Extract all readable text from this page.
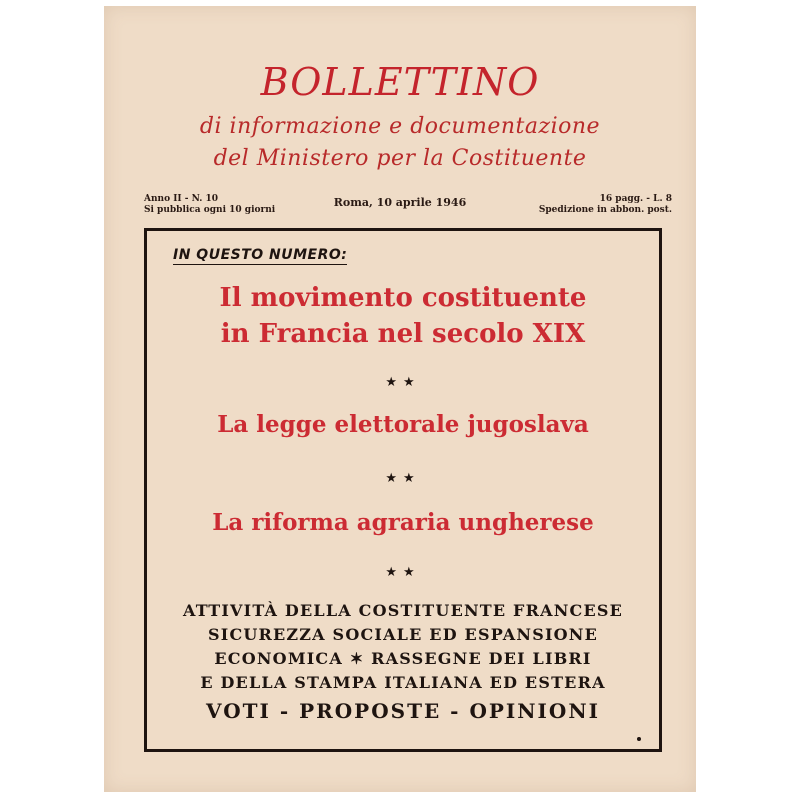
BOLLETTINO
di informazione e documentazione
del Ministero per la Costituente
Anno II - N. 10
Si pubblica ogni 10 giorni
Roma, 10 aprile 1946	16 pagg. - L. 8
Spedizione in abbon. post.
IN QUESTO NUMERO:
Il movimento costituente
in Francia nel secolo XIX
★★
La legge elettorale jugoslava
★★
La riforma agraria ungherese
★★
ATTIVITÀ DELLA COSTITUENTE FRANCESE
SICUREZZA SOCIALE ED ESPANSIONE
ECONOMICA ✶ RASSEGNE DEI LIBRI
E DELLA STAMPA ITALIANA ED ESTERA
VOTI - PROPOSTE - OPINIONI
